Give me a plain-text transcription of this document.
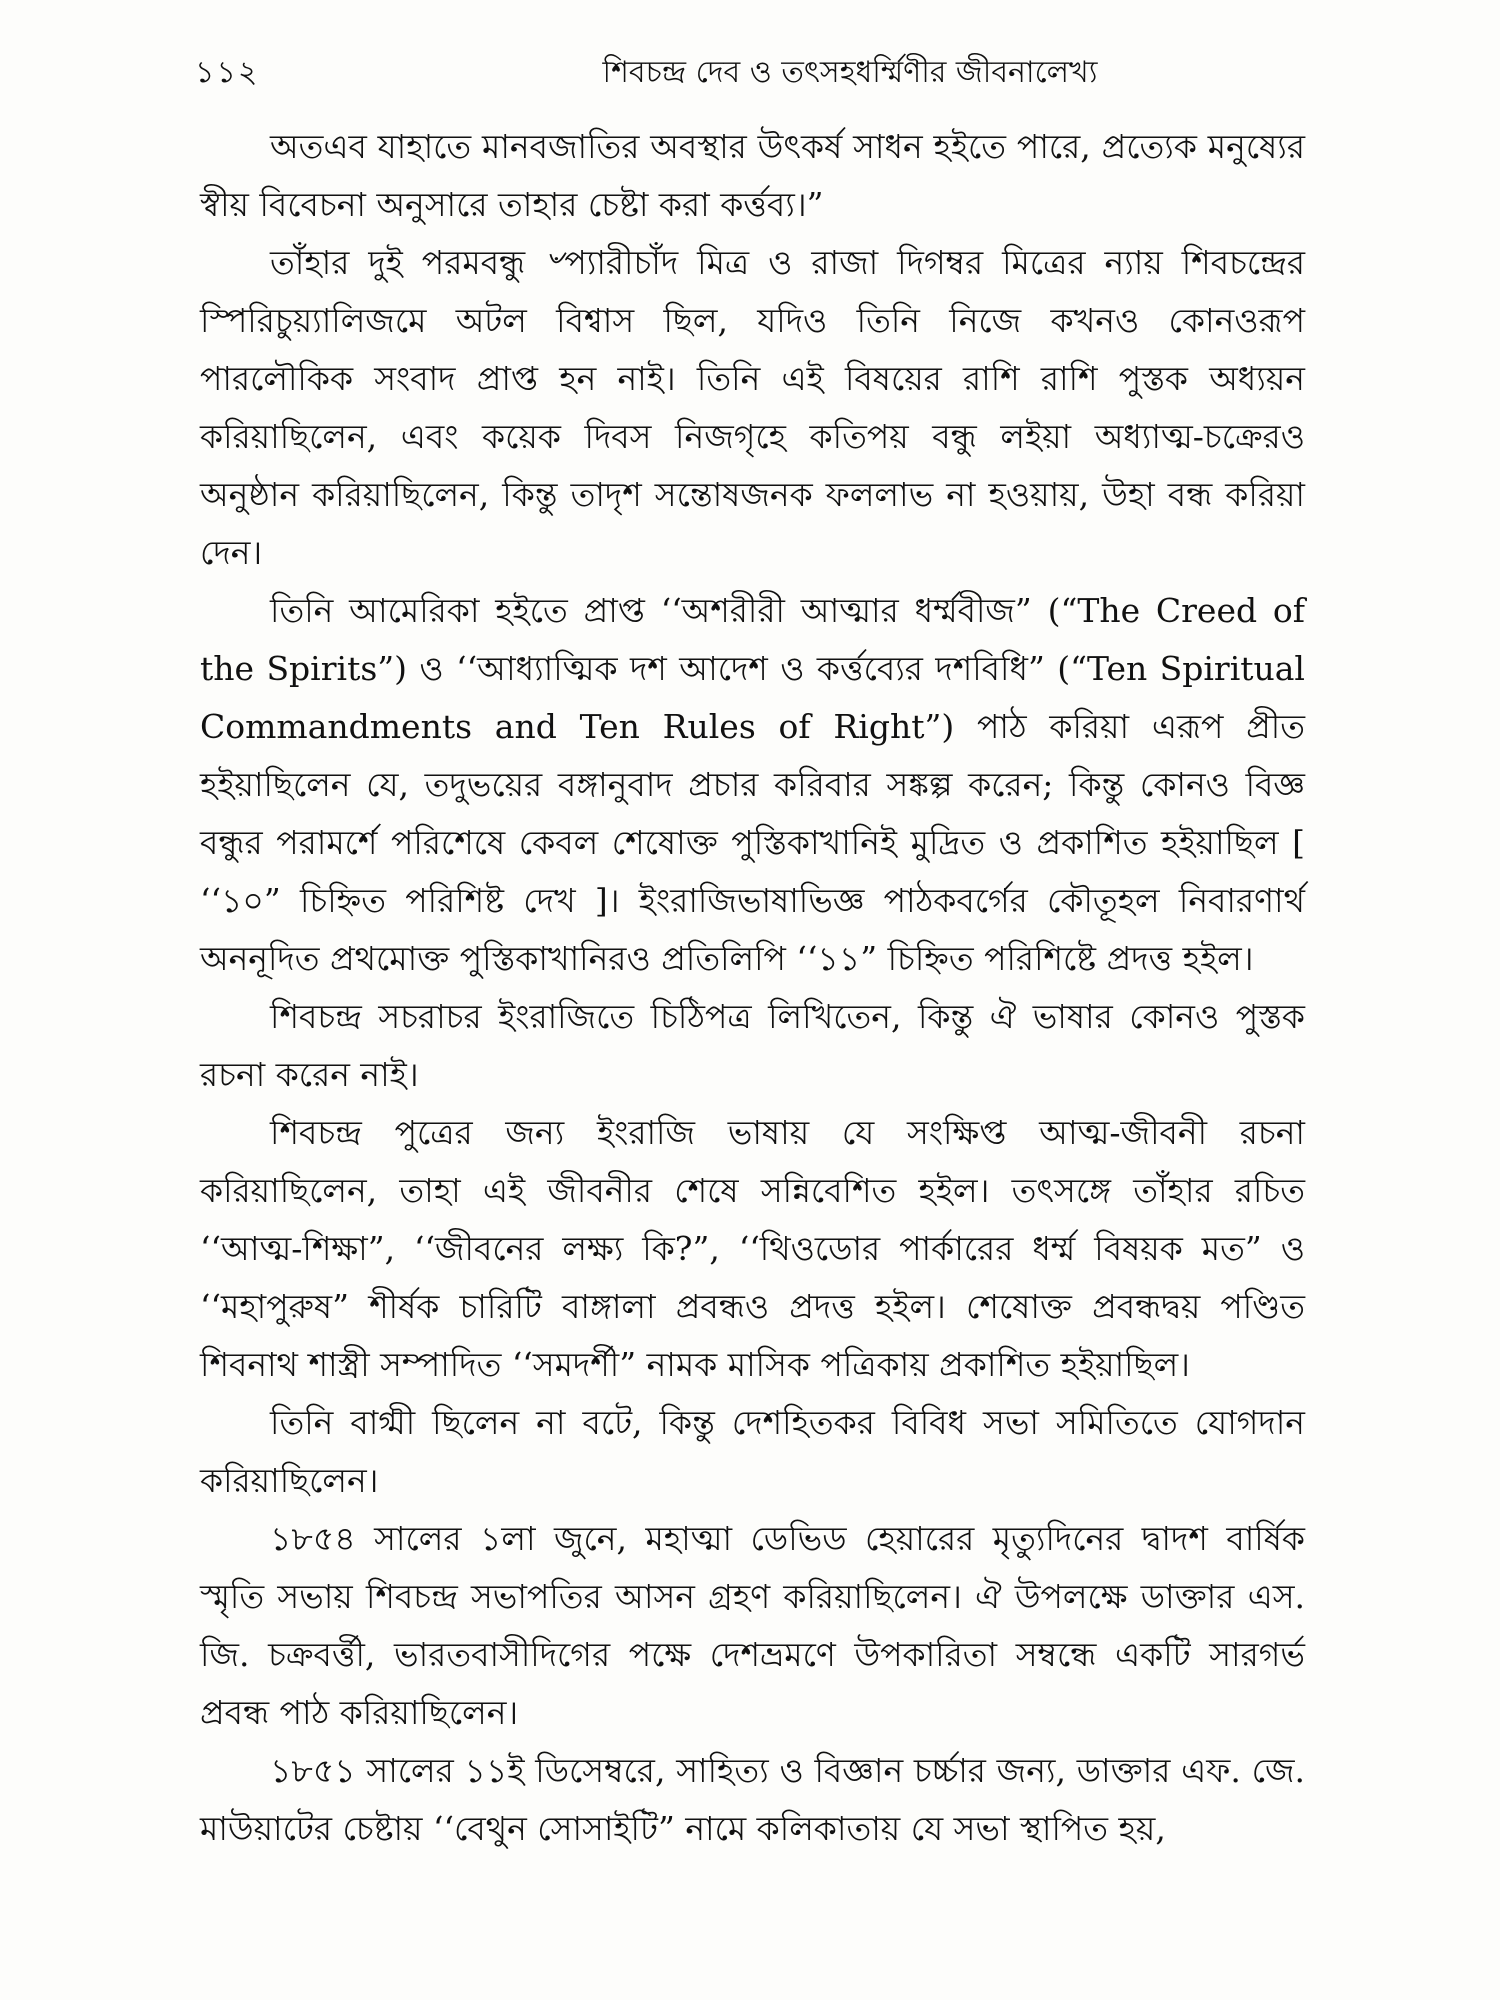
১১২	শিবচন্দ্র দেব ও তৎসহধর্ম্মিণীর জীবনালেখ্য

অতএব যাহাতে মানবজাতির অবস্থার উৎকর্ষ সাধন হইতে পারে, প্রত্যেক মনুষ্যের স্বীয় বিবেচনা অনুসারে তাহার চেষ্টা করা কর্ত্তব্য।”

তাঁহার দুই পরমবন্ধু ৺প্যারীচাঁদ মিত্র ও রাজা দিগম্বর মিত্রের ন্যায় শিবচন্দ্রের স্পিরিচুয়্যালিজমে অটল বিশ্বাস ছিল, যদিও তিনি নিজে কখনও কোনওরূপ পারলৌকিক সংবাদ প্রাপ্ত হন নাই। তিনি এই বিষয়ের রাশি রাশি পুস্তক অধ্যয়ন করিয়াছিলেন, এবং কয়েক দিবস নিজগৃহে কতিপয় বন্ধু লইয়া অধ্যাত্ম-চক্রেরও অনুষ্ঠান করিয়াছিলেন, কিন্তু তাদৃশ সন্তোষজনক ফললাভ না হওয়ায়, উহা বন্ধ করিয়া দেন।

তিনি আমেরিকা হইতে প্রাপ্ত ‘‘অশরীরী আত্মার ধর্ম্মবীজ” (“The Creed of the Spirits”) ও ‘‘আধ্যাত্মিক দশ আদেশ ও কর্ত্তব্যের দশবিধি” (“Ten Spiritual Commandments and Ten Rules of Right”) পাঠ করিয়া এরূপ প্রীত হইয়াছিলেন যে, তদুভয়ের বঙ্গানুবাদ প্রচার করিবার সঙ্কল্প করেন; কিন্তু কোনও বিজ্ঞ বন্ধুর পরামর্শে পরিশেষে কেবল শেষোক্ত পুস্তিকাখানিই মুদ্রিত ও প্রকাশিত হইয়াছিল [ ‘‘১০” চিহ্নিত পরিশিষ্ট দেখ ]। ইংরাজিভাষাভিজ্ঞ পাঠকবর্গের কৌতূহল নিবারণার্থ অননূদিত প্রথমোক্ত পুস্তিকাখানিরও প্রতিলিপি ‘‘১১” চিহ্নিত পরিশিষ্টে প্রদত্ত হইল।

শিবচন্দ্র সচরাচর ইংরাজিতে চিঠিপত্র লিখিতেন, কিন্তু ঐ ভাষার কোনও পুস্তক রচনা করেন নাই।

শিবচন্দ্র পুত্রের জন্য ইংরাজি ভাষায় যে সংক্ষিপ্ত আত্ম-জীবনী রচনা করিয়াছিলেন, তাহা এই জীবনীর শেষে সন্নিবেশিত হইল। তৎসঙ্গে তাঁহার রচিত ‘‘আত্ম-শিক্ষা”, ‘‘জীবনের লক্ষ্য কি?”, ‘‘থিওডোর পার্কারের ধর্ম্ম বিষয়ক মত” ও ‘‘মহাপুরুষ” শীর্ষক চারিটি বাঙ্গালা প্রবন্ধও প্রদত্ত হইল। শেষোক্ত প্রবন্ধদ্বয় পণ্ডিত শিবনাথ শাস্ত্রী সম্পাদিত ‘‘সমদর্শী” নামক মাসিক পত্রিকায় প্রকাশিত হইয়াছিল।

তিনি বাগ্মী ছিলেন না বটে, কিন্তু দেশহিতকর বিবিধ সভা সমিতিতে যোগদান করিয়াছিলেন।

১৮৫৪ সালের ১লা জুনে, মহাত্মা ডেভিড হেয়ারের মৃত্যুদিনের দ্বাদশ বার্ষিক স্মৃতি সভায় শিবচন্দ্র সভাপতির আসন গ্রহণ করিয়াছিলেন। ঐ উপলক্ষে ডাক্তার এস. জি. চক্রবর্ত্তী, ভারতবাসীদিগের পক্ষে দেশভ্রমণে উপকারিতা সম্বন্ধে একটি সারগর্ভ প্রবন্ধ পাঠ করিয়াছিলেন।

১৮৫১ সালের ১১ই ডিসেম্বরে, সাহিত্য ও বিজ্ঞান চর্চ্চার জন্য, ডাক্তার এফ. জে. মাউয়াটের চেষ্টায় ‘‘বেথুন সোসাইটি” নামে কলিকাতায় যে সভা স্থাপিত হয়,
